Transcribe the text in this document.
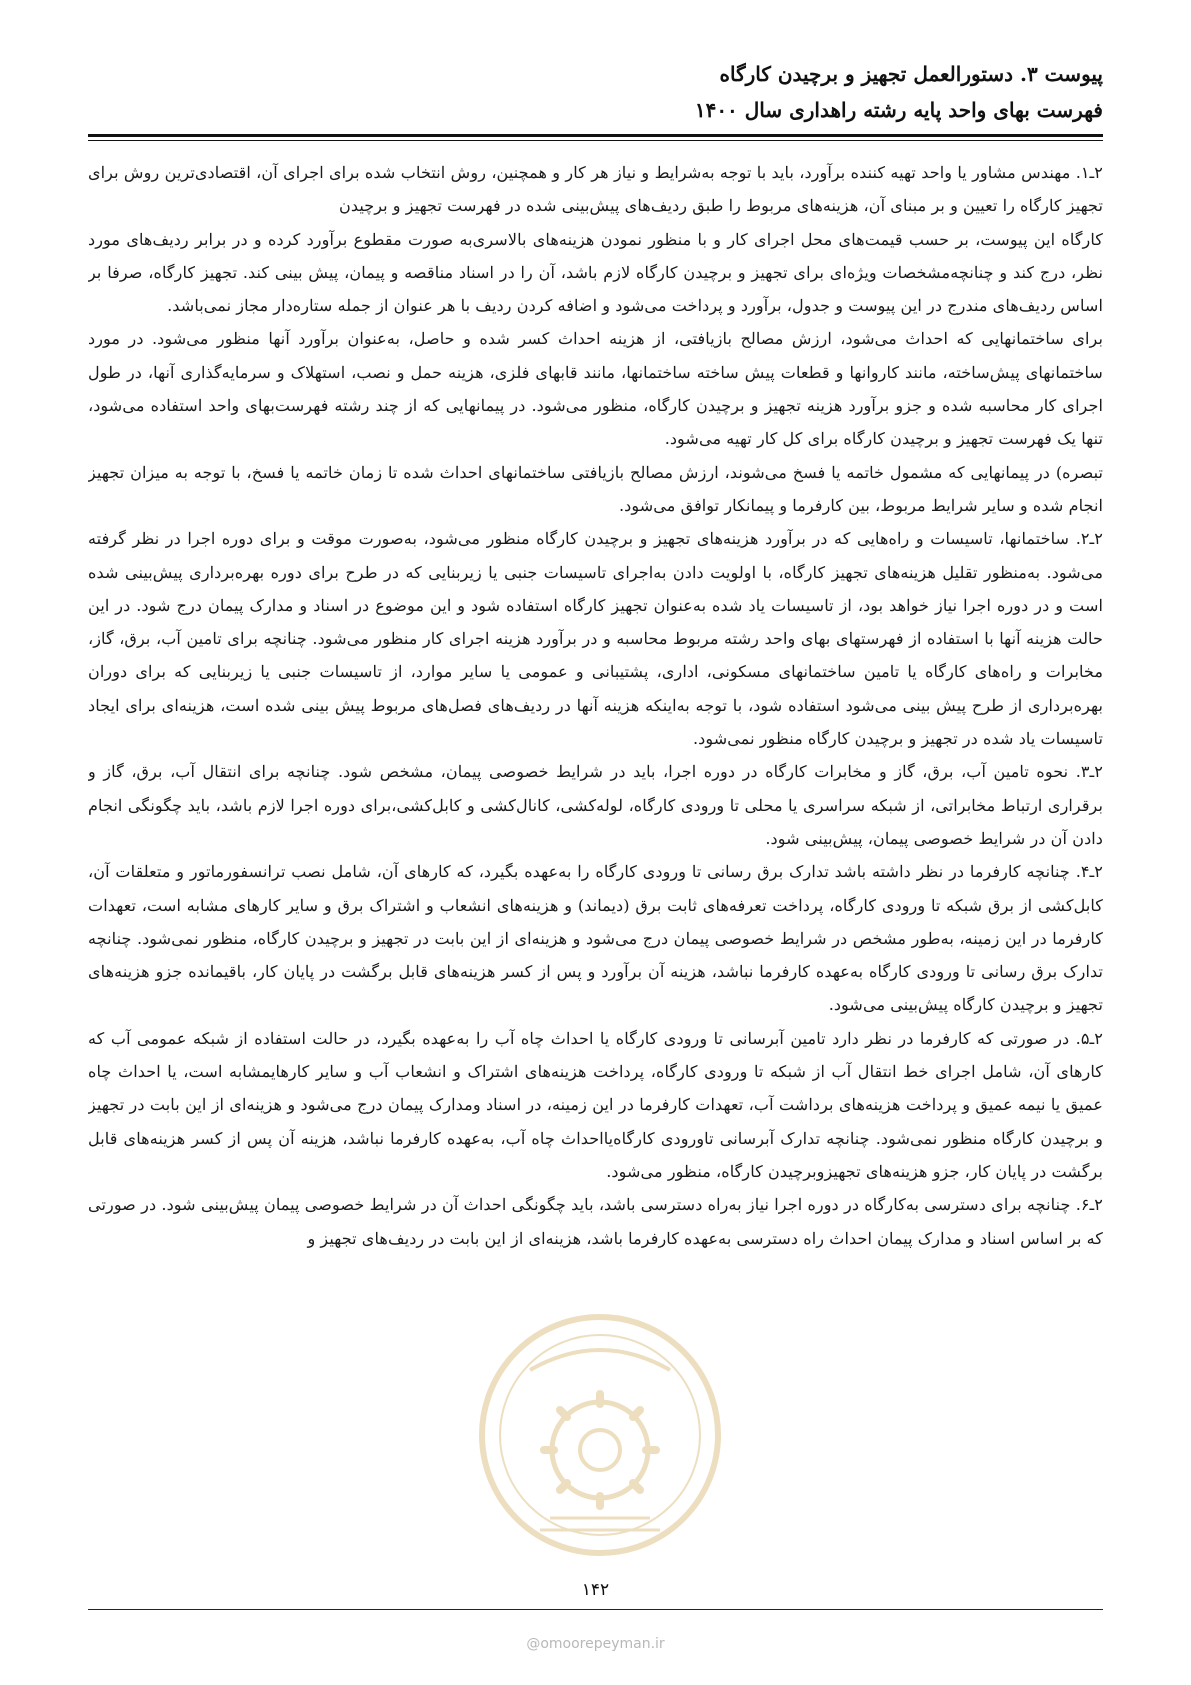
پیوست ۳. دستورالعمل تجهیز و برچیدن کارگاه
فهرست بهای واحد پایه رشته راهداری سال ۱۴۰۰

۲ـ۱. مهندس مشاور یا واحد تهیه کننده برآورد، باید با توجه به‌شرایط و نیاز هر کار و همچنین، روش انتخاب شده برای اجرای آن، اقتصادی‌ترین روش برای تجهیز کارگاه را تعیین و بر مبنای آن، هزینه‌های مربوط را طبق ردیف‌های پیش‌بینی شده در فهرست تجهیز و برچیدن

کارگاه این پیوست، بر حسب قیمت‌های محل اجرای کار و با منظور نمودن هزینه‌های بالاسری‌به صورت مقطوع برآورد کرده و در برابر ردیف‌های مورد نظر، درج کند و چنانچه‌مشخصات ویژه‌ای برای تجهیز و برچیدن کارگاه لازم باشد، آن را در اسناد مناقصه و پیمان، پیش بینی کند. تجهیز کارگاه، صرفا بر اساس ردیف‌های مندرج در این پیوست و جدول، برآورد و پرداخت می‌شود و اضافه کردن ردیف با هر عنوان از جمله ستاره‌دار مجاز نمی‌باشد.

برای ساختمانهایی که احداث می‌شود، ارزش مصالح بازیافتی، از هزینه احداث کسر شده و حاصل، به‌عنوان برآورد آنها منظور می‌شود. در مورد ساختمانهای پیش‌ساخته، مانند کاروانها و قطعات پیش ساخته ساختمانها، مانند قابهای فلزی، هزینه حمل و نصب، استهلاک و سرمایه‌گذاری آنها، در طول اجرای کار محاسبه شده و جزو برآورد هزینه تجهیز و برچیدن کارگاه، منظور می‌شود. در پیمانهایی که از چند رشته فهرست‌بهای واحد استفاده می‌شود، تنها یک فهرست تجهیز و برچیدن کارگاه برای کل کار تهیه می‌شود.

تبصره) در پیمانهایی که مشمول خاتمه یا فسخ می‌شوند، ارزش مصالح بازیافتی ساختمانهای احداث شده تا زمان خاتمه یا فسخ، با توجه به میزان تجهیز انجام شده و سایر شرایط مربوط، بین کارفرما و پیمانکار توافق می‌شود.

۲ـ۲. ساختمانها، تاسیسات و راه‌هایی که در برآورد هزینه‌های تجهیز و برچیدن کارگاه منظور می‌شود، به‌صورت موقت و برای دوره اجرا در نظر گرفته می‌شود. به‌منظور تقلیل هزینه‌های تجهیز کارگاه، با اولویت دادن به‌اجرای تاسیسات جنبی یا زیربنایی که در طرح برای دوره بهره‌برداری پیش‌بینی شده است و در دوره اجرا نیاز خواهد بود، از تاسیسات یاد شده به‌عنوان تجهیز کارگاه استفاده شود و این موضوع در اسناد و مدارک پیمان درج شود. در این حالت هزینه آنها با استفاده از فهرستهای بهای واحد رشته مربوط محاسبه و در برآورد هزینه اجرای کار منظور می‌شود. چنانچه برای تامین آب، برق، گاز، مخابرات و راه‌های کارگاه یا تامین ساختمانهای مسکونی، اداری، پشتیبانی و عمومی یا سایر موارد، از تاسیسات جنبی یا زیربنایی که برای دوران بهره‌برداری از طرح پیش بینی می‌شود استفاده شود، با توجه به‌اینکه هزینه آنها در ردیف‌های فصل‌های مربوط پیش بینی شده است، هزینه‌ای برای ایجاد تاسیسات یاد شده در تجهیز و برچیدن کارگاه منظور نمی‌شود.

۲ـ۳. نحوه تامین آب، برق، گاز و مخابرات کارگاه در دوره اجرا، باید در شرایط خصوصی پیمان، مشخص شود. چنانچه برای انتقال آب، برق، گاز و برقراری ارتباط مخابراتی، از شبکه سراسری یا محلی تا ورودی کارگاه، لوله‌کشی، کانال‌کشی و کابل‌کشی،برای دوره اجرا لازم باشد، باید چگونگی انجام دادن آن در شرایط خصوصی پیمان، پیش‌بینی شود.

۲ـ۴. چنانچه کارفرما در نظر داشته باشد تدارک برق رسانی تا ورودی کارگاه را به‌عهده بگیرد، که کارهای آن، شامل نصب ترانسفورماتور و متعلقات آن، کابل‌کشی از برق شبکه تا ورودی کارگاه، پرداخت تعرفه‌های ثابت برق (دیماند) و هزینه‌های انشعاب و اشتراک برق و سایر کارهای مشابه است، تعهدات کارفرما در این زمینه، به‌طور مشخص در شرایط خصوصی پیمان درج می‌شود و هزینه‌ای از این بابت در تجهیز و برچیدن کارگاه، منظور نمی‌شود. چنانچه تدارک برق رسانی تا ورودی کارگاه به‌عهده کارفرما نباشد، هزینه آن برآورد و پس از کسر هزینه‌های قابل برگشت در پایان کار، باقیمانده جزو هزینه‌های تجهیز و برچیدن کارگاه پیش‌بینی می‌شود.

۲ـ۵. در صورتی که کارفرما در نظر دارد تامین آبرسانی تا ورودی کارگاه یا احداث چاه آب را به‌عهده بگیرد، در حالت استفاده از شبکه عمومی آب که کارهای آن، شامل اجرای خط انتقال آب از شبکه تا ورودی کارگاه، پرداخت هزینه‌های اشتراک و انشعاب آب و سایر کارهایمشابه است، یا احداث چاه عمیق یا نیمه عمیق و پرداخت هزینه‌های برداشت آب، تعهدات کارفرما در این زمینه، در اسناد ومدارک پیمان درج می‌شود و هزینه‌ای از این بابت در تجهیز و برچیدن کارگاه منظور نمی‌شود. چنانچه تدارک آبرسانی تاورودی کارگاه‌یااحداث چاه آب، به‌عهده کارفرما نباشد، هزینه آن پس از کسر هزینه‌های قابل برگشت در پایان کار، جزو هزینه‌های تجهیزوبرچیدن کارگاه، منظور می‌شود.

۲ـ۶. چنانچه برای دسترسی به‌کارگاه در دوره اجرا نیاز به‌راه دسترسی باشد، باید چگونگی احداث آن در شرایط خصوصی پیمان پیش‌بینی شود. در صورتی که بر اساس اسناد و مدارک پیمان احداث راه دسترسی به‌عهده کارفرما باشد، هزینه‌ای از این بابت در ردیف‌های تجهیز و

۱۴۲
@omoorepeyman.ir
